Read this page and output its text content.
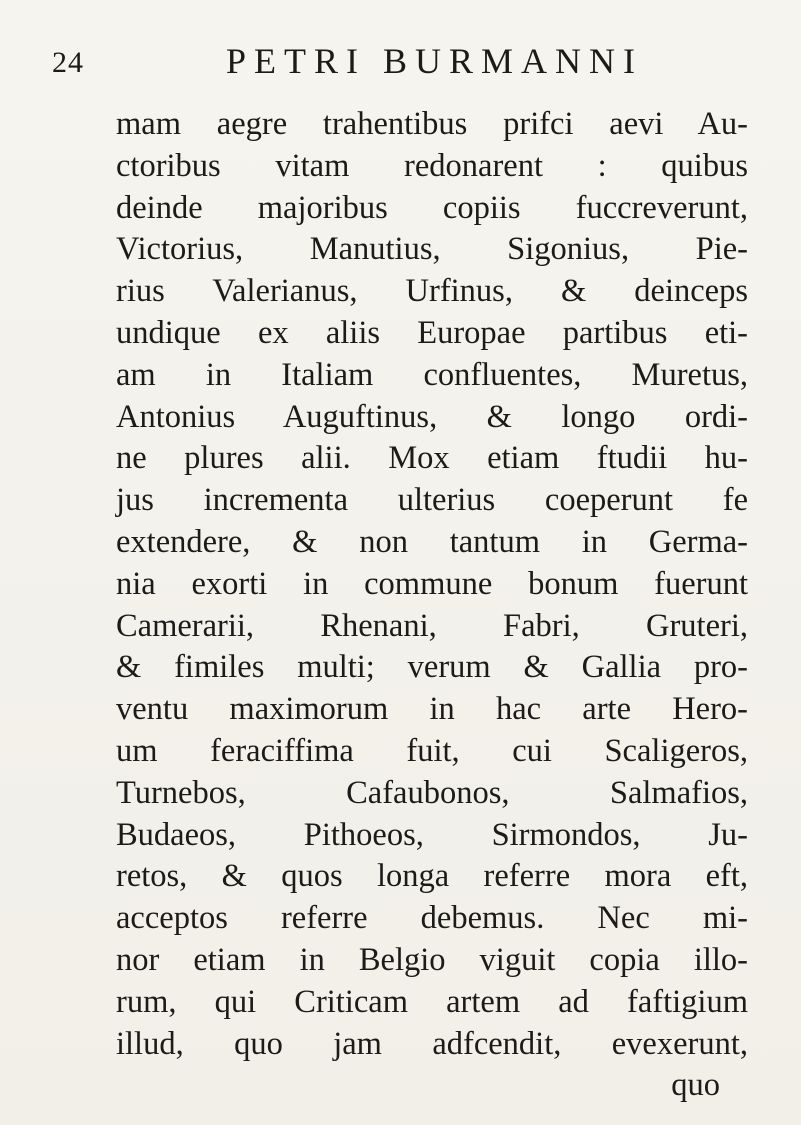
24	PETRI BURMANNI
mam aegre trahentibus prifci aevi Au-
ctoribus vitam redonarent : quibus
deinde majoribus copiis fuccreverunt,
Victorius, Manutius, Sigonius, Pie-
rius Valerianus, Urfinus, & deinceps
undique ex aliis Europae partibus eti-
am in Italiam confluentes, Muretus,
Antonius Auguftinus, & longo ordi-
ne plures alii. Mox etiam ftudii hu-
jus incrementa ulterius coeperunt fe
extendere, & non tantum in Germa-
nia exorti in commune bonum fuerunt
Camerarii, Rhenani, Fabri, Gruteri,
& fimiles multi; verum & Gallia pro-
ventu maximorum in hac arte Hero-
um feraciffima fuit, cui Scaligeros,
Turnebos, Cafaubonos, Salmafios,
Budaeos, Pithoeos, Sirmondos, Ju-
retos, & quos longa referre mora eft,
acceptos referre debemus. Nec mi-
nor etiam in Belgio viguit copia illo-
rum, qui Criticam artem ad faftigium
illud, quo jam adfcendit, evexerunt,
quo
